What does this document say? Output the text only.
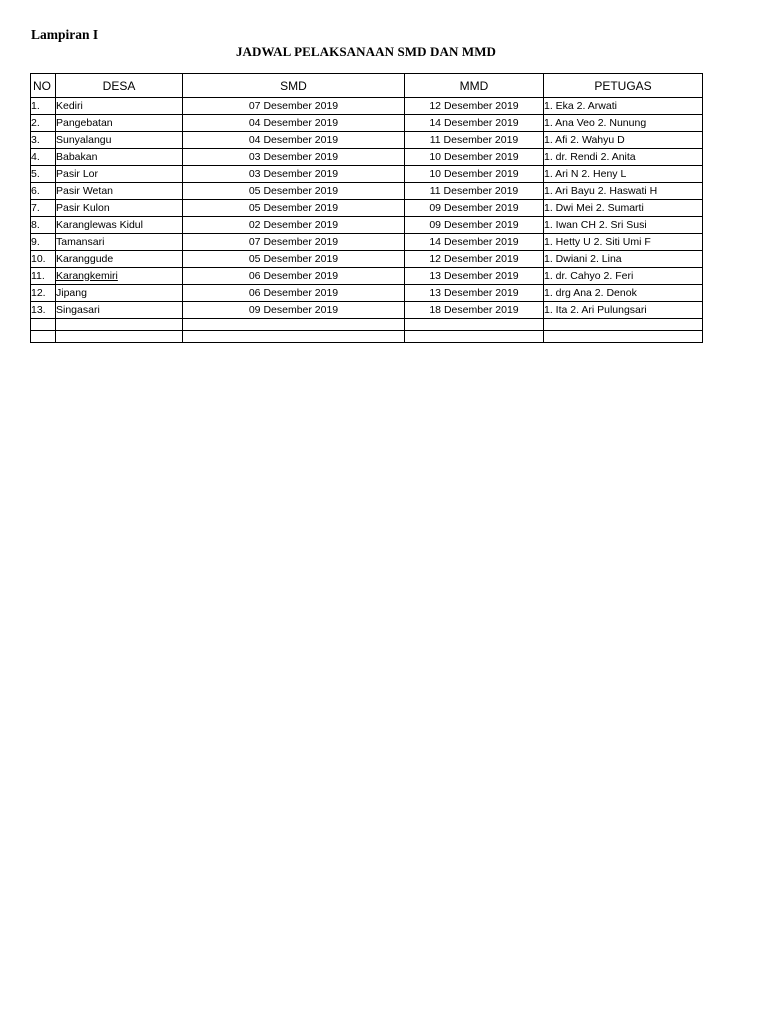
Lampiran I
JADWAL PELAKSANAAN SMD DAN MMD
NO	DESA	SMD	MMD	PETUGAS
1.	Kediri	07 Desember 2019	12 Desember 2019	1. Eka 2. Arwati
2.	Pangebatan	04 Desember 2019	14 Desember 2019	1. Ana Veo 2. Nunung
3.	Sunyalangu	04 Desember 2019	11 Desember 2019	1. Afi 2. Wahyu D
4.	Babakan	03 Desember 2019	10 Desember 2019	1. dr. Rendi 2. Anita
5.	Pasir Lor	03 Desember 2019	10 Desember 2019	1. Ari N 2. Heny L
6.	Pasir Wetan	05 Desember 2019	11 Desember 2019	1. Ari Bayu 2. Haswati H
7.	Pasir Kulon	05 Desember 2019	09 Desember 2019	1. Dwi Mei 2. Sumarti
8.	Karanglewas Kidul	02 Desember 2019	09 Desember 2019	1. Iwan CH 2. Sri Susi
9.	Tamansari	07 Desember 2019	14 Desember 2019	1. Hetty U 2. Siti Umi F
10.	Karanggude	05 Desember 2019	12 Desember 2019	1. Dwiani 2. Lina
11.	Karangkemiri	06 Desember 2019	13 Desember 2019	1. dr. Cahyo 2. Feri
12.	Jipang	06 Desember 2019	13 Desember 2019	1. drg Ana 2. Denok
13.	Singasari	09 Desember 2019	18 Desember 2019	1. Ita 2. Ari Pulungsari
